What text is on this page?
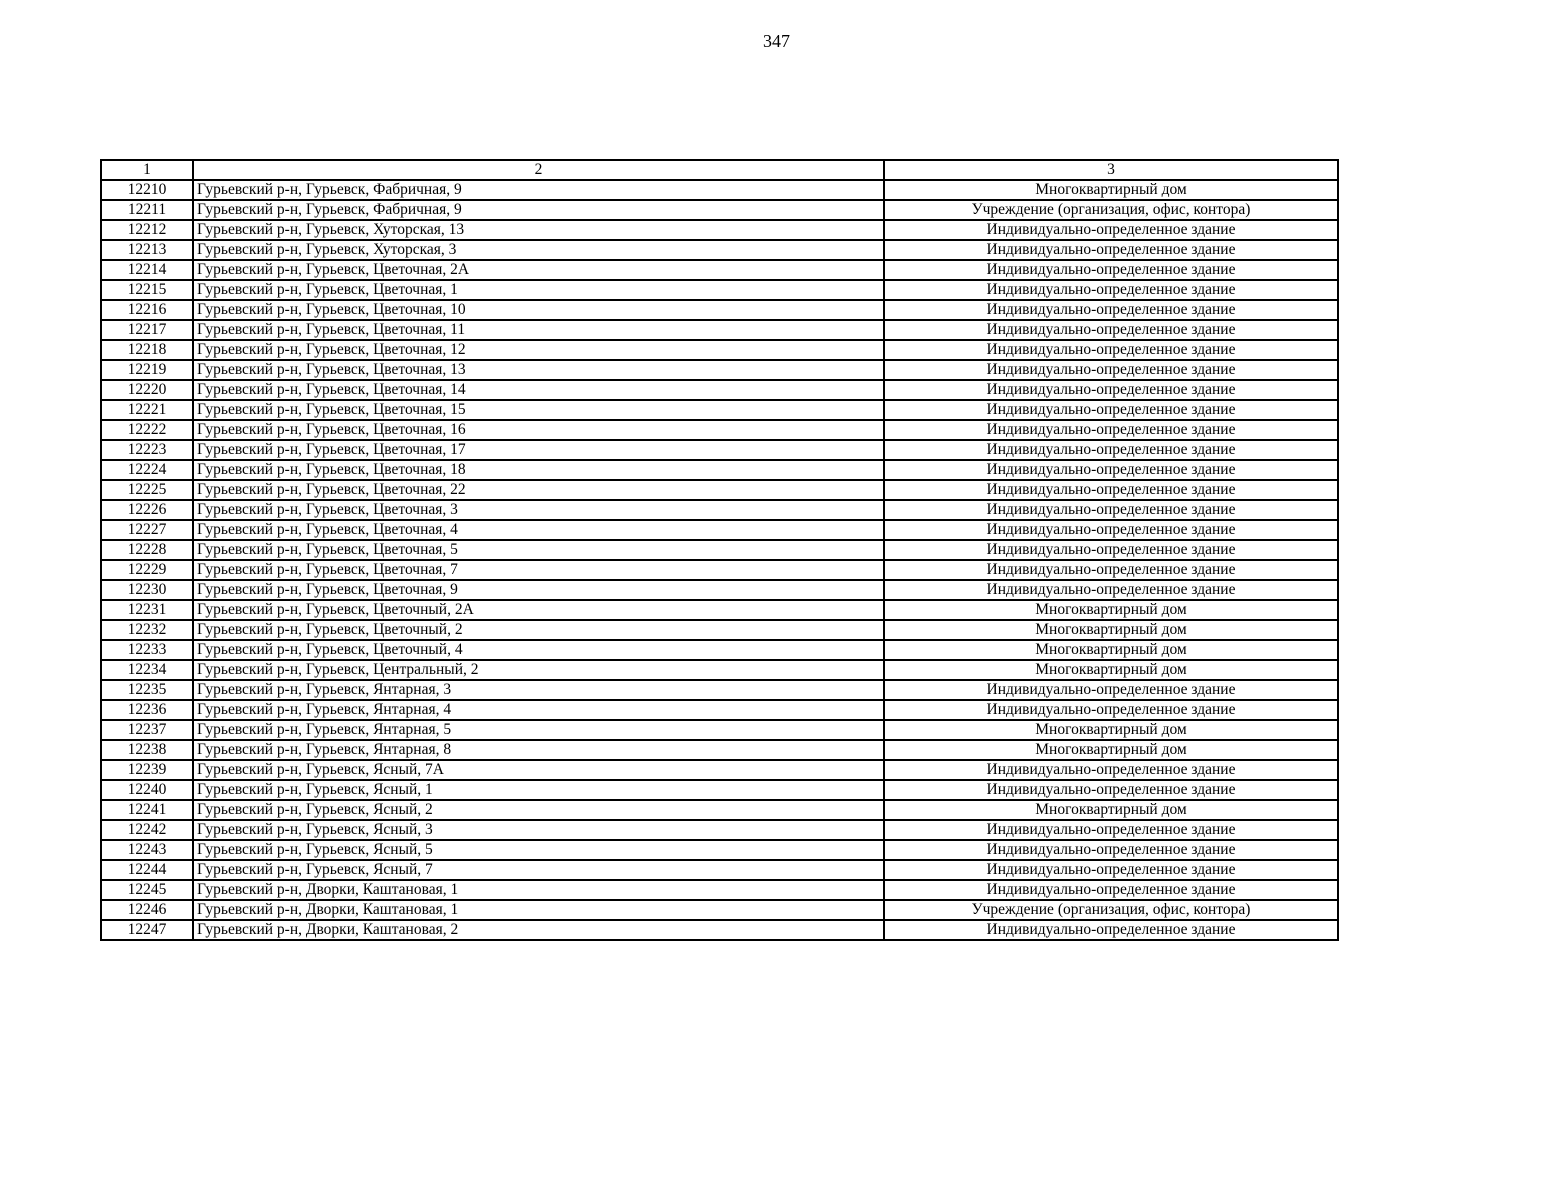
347
1	2	3
12210	Гурьевский р-н, Гурьевск, Фабричная, 9	Многоквартирный дом
12211	Гурьевский р-н, Гурьевск, Фабричная, 9	Учреждение (организация, офис, контора)
12212	Гурьевский р-н, Гурьевск, Хуторская, 13	Индивидуально-определенное здание
12213	Гурьевский р-н, Гурьевск, Хуторская, 3	Индивидуально-определенное здание
12214	Гурьевский р-н, Гурьевск, Цветочная, 2А	Индивидуально-определенное здание
12215	Гурьевский р-н, Гурьевск, Цветочная, 1	Индивидуально-определенное здание
12216	Гурьевский р-н, Гурьевск, Цветочная, 10	Индивидуально-определенное здание
12217	Гурьевский р-н, Гурьевск, Цветочная, 11	Индивидуально-определенное здание
12218	Гурьевский р-н, Гурьевск, Цветочная, 12	Индивидуально-определенное здание
12219	Гурьевский р-н, Гурьевск, Цветочная, 13	Индивидуально-определенное здание
12220	Гурьевский р-н, Гурьевск, Цветочная, 14	Индивидуально-определенное здание
12221	Гурьевский р-н, Гурьевск, Цветочная, 15	Индивидуально-определенное здание
12222	Гурьевский р-н, Гурьевск, Цветочная, 16	Индивидуально-определенное здание
12223	Гурьевский р-н, Гурьевск, Цветочная, 17	Индивидуально-определенное здание
12224	Гурьевский р-н, Гурьевск, Цветочная, 18	Индивидуально-определенное здание
12225	Гурьевский р-н, Гурьевск, Цветочная, 22	Индивидуально-определенное здание
12226	Гурьевский р-н, Гурьевск, Цветочная, 3	Индивидуально-определенное здание
12227	Гурьевский р-н, Гурьевск, Цветочная, 4	Индивидуально-определенное здание
12228	Гурьевский р-н, Гурьевск, Цветочная, 5	Индивидуально-определенное здание
12229	Гурьевский р-н, Гурьевск, Цветочная, 7	Индивидуально-определенное здание
12230	Гурьевский р-н, Гурьевск, Цветочная, 9	Индивидуально-определенное здание
12231	Гурьевский р-н, Гурьевск, Цветочный, 2А	Многоквартирный дом
12232	Гурьевский р-н, Гурьевск, Цветочный, 2	Многоквартирный дом
12233	Гурьевский р-н, Гурьевск, Цветочный, 4	Многоквартирный дом
12234	Гурьевский р-н, Гурьевск, Центральный, 2	Многоквартирный дом
12235	Гурьевский р-н, Гурьевск, Янтарная, 3	Индивидуально-определенное здание
12236	Гурьевский р-н, Гурьевск, Янтарная, 4	Индивидуально-определенное здание
12237	Гурьевский р-н, Гурьевск, Янтарная, 5	Многоквартирный дом
12238	Гурьевский р-н, Гурьевск, Янтарная, 8	Многоквартирный дом
12239	Гурьевский р-н, Гурьевск, Ясный, 7А	Индивидуально-определенное здание
12240	Гурьевский р-н, Гурьевск, Ясный, 1	Индивидуально-определенное здание
12241	Гурьевский р-н, Гурьевск, Ясный, 2	Многоквартирный дом
12242	Гурьевский р-н, Гурьевск, Ясный, 3	Индивидуально-определенное здание
12243	Гурьевский р-н, Гурьевск, Ясный, 5	Индивидуально-определенное здание
12244	Гурьевский р-н, Гурьевск, Ясный, 7	Индивидуально-определенное здание
12245	Гурьевский р-н, Дворки, Каштановая, 1	Индивидуально-определенное здание
12246	Гурьевский р-н, Дворки, Каштановая, 1	Учреждение (организация, офис, контора)
12247	Гурьевский р-н, Дворки, Каштановая, 2	Индивидуально-определенное здание
